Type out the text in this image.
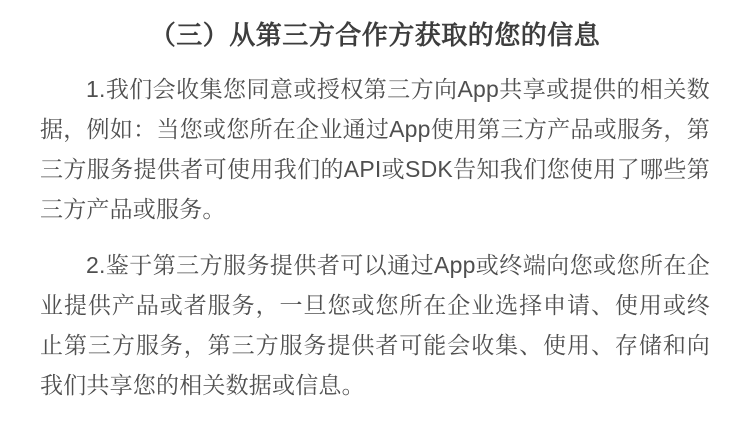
（三）从第三方合作方获取的您的信息

1.我们会收集您同意或授权第三方向App共享或提供的相关数据，例如：当您或您所在企业通过App使用第三方产品或服务，第三方服务提供者可使用我们的API或SDK告知我们您使用了哪些第三方产品或服务。

2.鉴于第三方服务提供者可以通过App或终端向您或您所在企业提供产品或者服务，一旦您或您所在企业选择申请、使用或终止第三方服务，第三方服务提供者可能会收集、使用、存储和向我们共享您的相关数据或信息。
